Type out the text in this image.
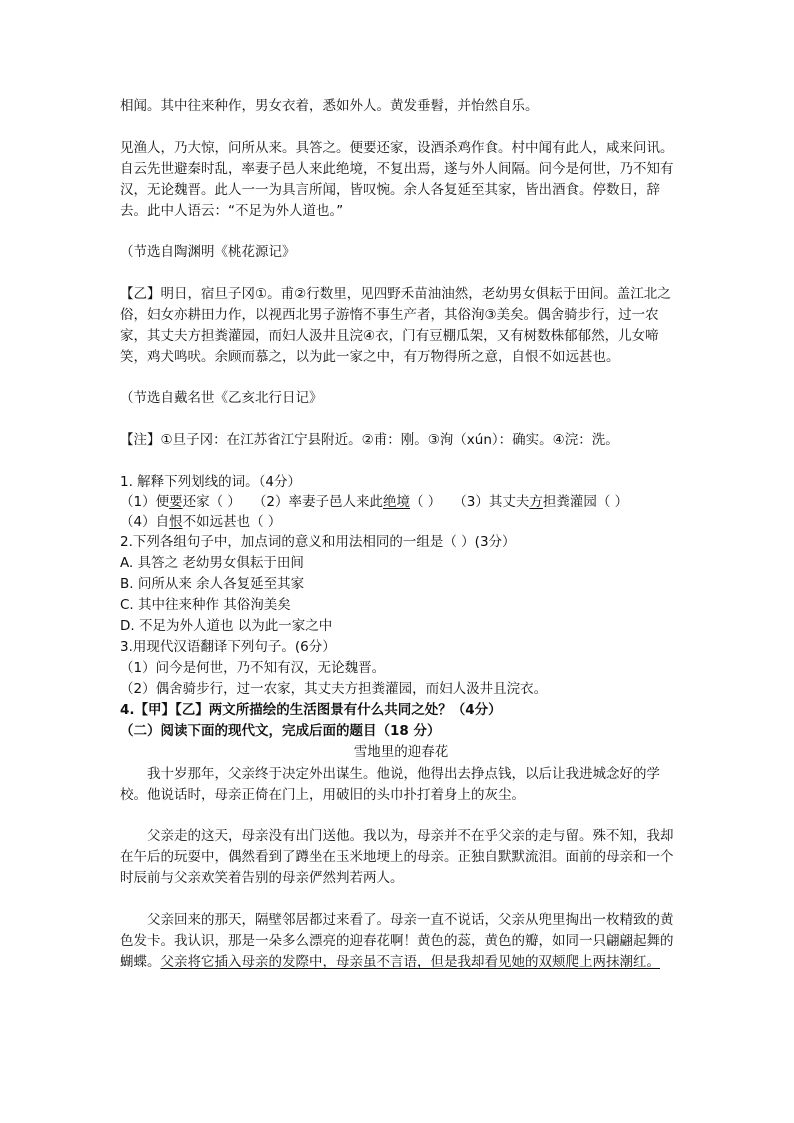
相闻。其中往来种作，男女衣着，悉如外人。黄发垂髫，并怡然自乐。

见渔人，乃大惊，问所从来。具答之。便要还家，设酒杀鸡作食。村中闻有此人，咸来问讯。自云先世避秦时乱，率妻子邑人来此绝境，不复出焉，遂与外人间隔。问今是何世，乃不知有汉，无论魏晋。此人一一为具言所闻，皆叹惋。余人各复延至其家，皆出酒食。停数日，辞去。此中人语云：“不足为外人道也。”

（节选自陶渊明《桃花源记》

【乙】明日，宿旦子冈①。甫②行数里，见四野禾苗油油然，老幼男女俱耘于田间。盖江北之俗，妇女亦耕田力作，以视西北男子游惰不事生产者，其俗洵③美矣。偶舍骑步行，过一农家，其丈夫方担粪灌园，而妇人汲井且浣④衣，门有豆棚瓜架，又有树数株郁郁然，儿女啼笑，鸡犬鸣吠。余顾而慕之，以为此一家之中，有万物得所之意，自恨不如远甚也。

（节选自戴名世《乙亥北行日记》

【注】①旦子冈：在江苏省江宁县附近。②甫：刚。③洵（xún）：确实。④浣：洗。

1. 解释下列划线的词。（4分）

（1）便要还家（ ） （2）率妻子邑人来此绝境（ ） （3）其丈夫方担粪灌园（ ）
（4）自恨不如远甚也（ ）

2.下列各组句子中，加点词的意义和用法相同的一组是（ ）(3分）

A. 具答之 老幼男女俱耘于田间

B. 问所从来 余人各复延至其家

C. 其中往来种作 其俗洵美矣

D. 不足为外人道也 以为此一家之中

3.用现代汉语翻译下列句子。(6分）

（1）问今是何世，乃不知有汉，无论魏晋。

（2）偶舍骑步行，过一农家，其丈夫方担粪灌园，而妇人汲井且浣衣。

4.【甲】【乙】两文所描绘的生活图景有什么共同之处？（4分）

（二）阅读下面的现代文，完成后面的题目（18 分）

雪地里的迎春花

我十岁那年，父亲终于决定外出谋生。他说，他得出去挣点钱，以后让我进城念好的学校。他说话时，母亲正倚在门上，用破旧的头巾扑打着身上的灰尘。

父亲走的这天，母亲没有出门送他。我以为，母亲并不在乎父亲的走与留。殊不知，我却在午后的玩耍中，偶然看到了蹲坐在玉米地埂上的母亲。正独自默默流泪。面前的母亲和一个时辰前与父亲欢笑着告别的母亲俨然判若两人。

父亲回来的那天，隔壁邻居都过来看了。母亲一直不说话，父亲从兜里掏出一枚精致的黄色发卡。我认识，那是一朵多么漂亮的迎春花啊！黄色的蕊，黄色的瓣，如同一只翩翩起舞的蝴蝶。父亲将它插入母亲的发際中，母亲虽不言语，但是我却看见她的双颊爬上两抹潮红。
